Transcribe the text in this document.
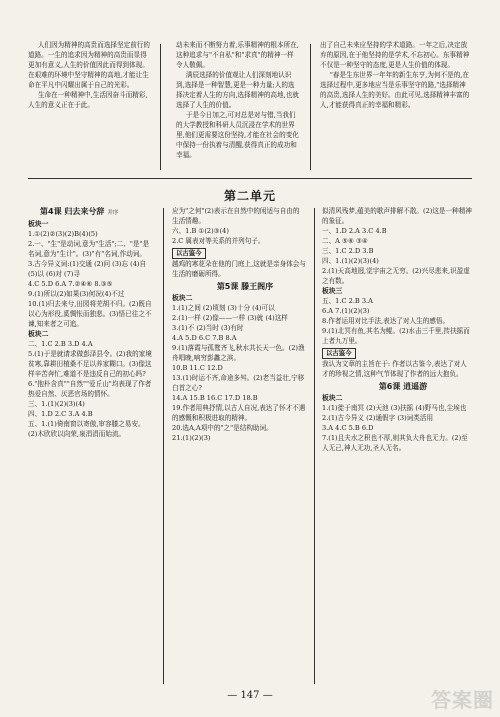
人们因为精神的高贵而选择坚定前行的道路。一生的追求因为精神的高贵而显得更加有意义,人生的价值因此而得到体现。在艰难的环境中坚守精神的高地,才能让生命在平凡中闪耀出属于自己的光彩。

生命在一种精神中,生活因奋斗而精彩,人生的意义正在于此。

动未来而不断努力着,乐事精神的根本所在,这种追求与"不自私"和"求真"的精神一样令人敬佩。

满辰选择的价值观让人们深刻地认识到,选择是一种智慧,更是一种力量;人的选择决定着人生的方向,选择精神的高地,也就选择了人生的价值。

于是今日加之,可对总是对与错,当我们的大学教授和科研人员沉浸在学术的世界里,他们更需要这份坚持,才能在社会的变化中保持一份执着与清醒,获得真正的成功和幸福。

出了自己未来应坚持的学术道路。一年之后,决定放弃的原因,在于他坚持的是学术,不忘初心。东事精神不仅是一种坚守的态度,更是人生价值的体现。

"春是生东世界一年年的新生东亨,为何不是的,在选择过程中,更多地应当是乐事坚守的路,"选择精神的高贵,选择人生的美好。由此可见,选择精神丰富的人,才能获得真正的幸福和精彩。

第二单元

第4课 归去来兮辞 并序

板块一

1.①(2)②(3)(2)B(4)(5)

2.一、"生"是动词,意为"生活";二、"是"是名词,意为"生计"。(3)"有"名词,作动词。

3.古今异义词:(1)交通 (2)问 (3)忘 (4)自 (5)以 (6)对 (7)寻

4.C 5.D 6.A 7.②④⑥ 8.③⑤

9.(1)所以(2)如果(3)何况(4)不过

10.(1)归去来兮,田园将芜胡不归。(2)既自以心为形役,奚惆怅而独悲。(3)悟已往之不谏,知来者之可追。

板块二

二、1.C 2.B 3.D 4.A

5.(1)于是就请求做彭泽县令。(2)我的家境贫寒,靠耕田植桑不足以养家糊口。(3)像这样辛苦奔忙,难道不是违反自己的初心吗?

6."抱朴含真""自然""爱丘山"均表现了作者热爱自然、厌恶官场的情怀。

三、1.(1)(2)(3)(4)

四、1.D 2.C 3.A 4.B

五、1.(1)倚南窗以寄傲,审容膝之易安。(2)木欣欣以向荣,泉涓涓而始流。

应为"之何"(2)表示在自然中的闲适与自由的生活情趣。

六、1.B ①(2)③(4)

2.C 属表对等关系的并列句子。

以古鉴今

越鸡的寒花朵在他的门庭上,这就是亲身体会与生活的磨砺所得。

第5课 滕王阁序

板块二

1.(1)之间 (2)顷刻 (3)十分 (4)可以

2.(1)一样 (2)像——一样 (3)就 (4)这样

3.(1)不 (2)当时 (3)有时

4.A 5.D 6.C 7.B 8.A

9.(1)落霞与孤鹜齐飞,秋水共长天一色。(2)渔舟唱晚,响穷彭蠡之滨。

10.B 11.C 12.D

13.(1)时运不齐,命途多舛。(2)老当益壮,宁移白首之心?

14.A 15.B 16.C 17.D 18.B

19.作者用典抒情,以古人自况,表达了怀才不遇的感慨和积极进取的精神。

20.选A,A项中的"之"是结构助词。

21.(1)(2)(3)

似清风残梦,蕴美的歌声排解不散。(2)这是一种精神的象征。

一、1.D 2.A 3.C 4.B

二、A ⑤⑥ ③④

三、1.C 2.D 3.B

四、1.(1)(2)(3)(4)

2.(1)天高地迥,觉宇宙之无穷。(2)兴尽悲来,识盈虚之有数。

板块三

五、1.C 2.B 3.A

6.A 7.(1)(2)(3)

8.作者运用对比手法,表达了对人生的感悟。

9.(1)北冥有鱼,其名为鲲。(2)水击三千里,抟扶摇而上者九万里。

以古鉴今

我认为文章的主旨在于: 作者以古鉴今,表达了对人才的珍视之情,这种气节体现了作者的远大抱负。

第6课 逍遥游

板块二

1.(1)徙于南冥 (2)天池 (3)扶摇 (4)野马也,尘埃也

2.(1)古今异义 (2)通假字 (3)词类活用

3.A 4.C 5.B 6.D

7.(1)且夫水之积也不厚,则其负大舟也无力。(2)至人无己,神人无功,圣人无名。

— 147 —	答案圈
